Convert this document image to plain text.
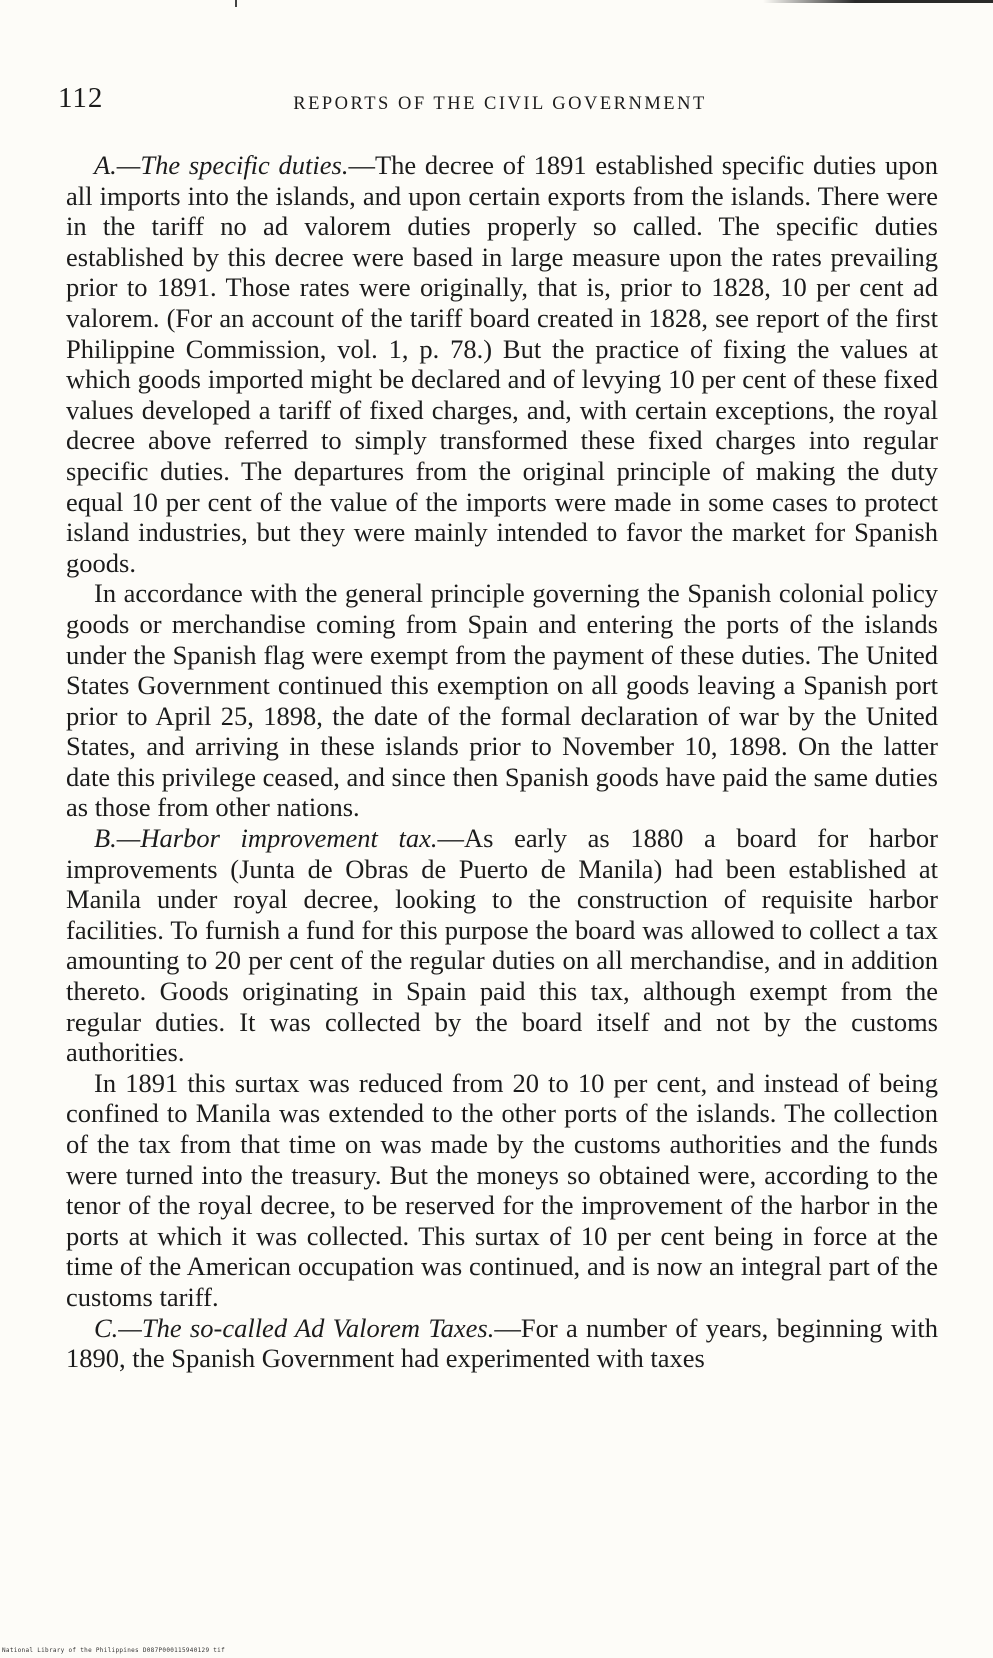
112	REPORTS OF THE CIVIL GOVERNMENT

A.—The specific duties.—The decree of 1891 established specific duties upon all imports into the islands, and upon certain exports from the islands. There were in the tariff no ad valorem duties properly so called. The specific duties established by this decree were based in large measure upon the rates prevailing prior to 1891. Those rates were originally, that is, prior to 1828, 10 per cent ad valorem. (For an account of the tariff board created in 1828, see report of the first Philippine Commission, vol. 1, p. 78.) But the practice of fixing the values at which goods imported might be declared and of levying 10 per cent of these fixed values developed a tariff of fixed charges, and, with certain exceptions, the royal decree above referred to simply transformed these fixed charges into regular specific duties. The departures from the original principle of making the duty equal 10 per cent of the value of the imports were made in some cases to protect island industries, but they were mainly intended to favor the market for Spanish goods.

In accordance with the general principle governing the Spanish colonial policy goods or merchandise coming from Spain and entering the ports of the islands under the Spanish flag were exempt from the payment of these duties. The United States Government continued this exemption on all goods leaving a Spanish port prior to April 25, 1898, the date of the formal declaration of war by the United States, and arriving in these islands prior to November 10, 1898. On the latter date this privilege ceased, and since then Spanish goods have paid the same duties as those from other nations.

B.—Harbor improvement tax.—As early as 1880 a board for harbor improvements (Junta de Obras de Puerto de Manila) had been established at Manila under royal decree, looking to the construction of requisite harbor facilities. To furnish a fund for this purpose the board was allowed to collect a tax amounting to 20 per cent of the regular duties on all merchandise, and in addition thereto. Goods originating in Spain paid this tax, although exempt from the regular duties. It was collected by the board itself and not by the customs authorities.

In 1891 this surtax was reduced from 20 to 10 per cent, and instead of being confined to Manila was extended to the other ports of the islands. The collection of the tax from that time on was made by the customs authorities and the funds were turned into the treasury. But the moneys so obtained were, according to the tenor of the royal decree, to be reserved for the improvement of the harbor in the ports at which it was collected. This surtax of 10 per cent being in force at the time of the American occupation was continued, and is now an integral part of the customs tariff.

C.—The so-called Ad Valorem Taxes.—For a number of years, beginning with 1890, the Spanish Government had experimented with taxes

National Library of the Philippines D087P000115940129 tif
